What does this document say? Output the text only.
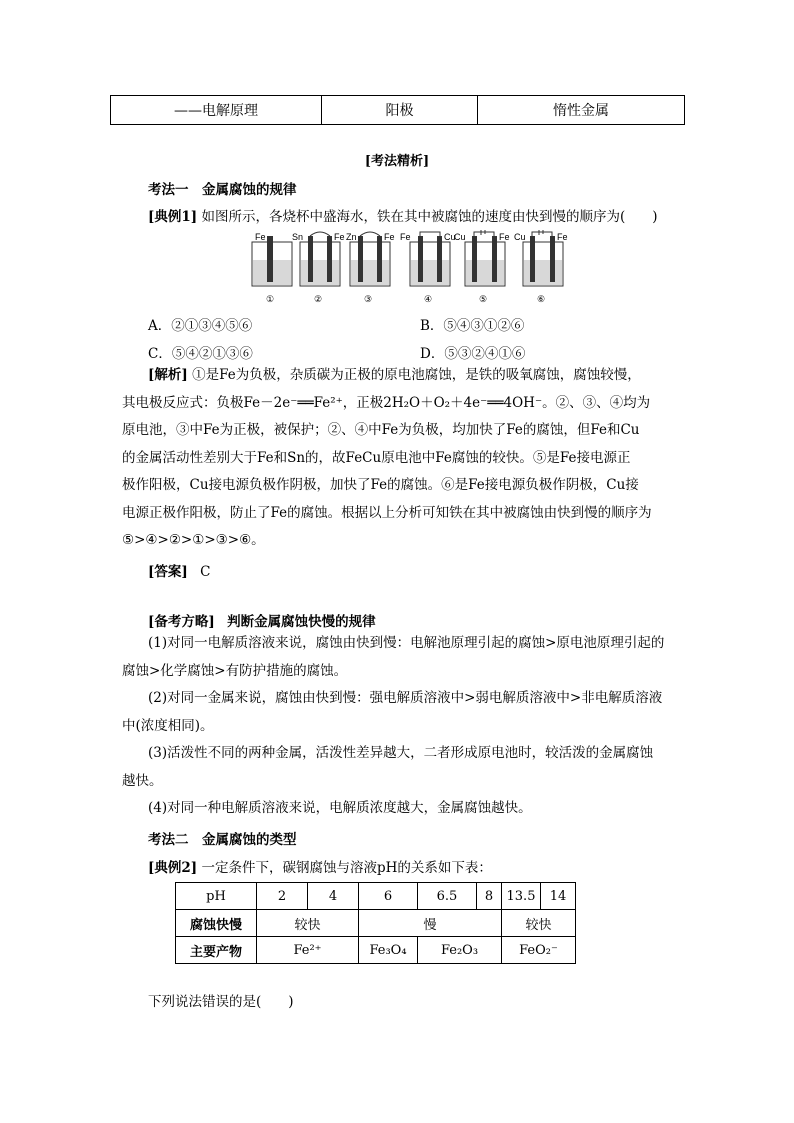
——电解原理	阳极	惰性金属
[考法精析]
考法一　金属腐蚀的规律
[典例1] 如图所示，各烧杯中盛海水，铁在其中被腐蚀的速度由快到慢的顺序为(　　)
Fe	Sn	Fe Zn	Fe Fe	Cu
Cu	Fe Cu	Fe
①	②	③	④	⑤	⑥
A．②①③④⑤⑥	B．⑤④③①②⑥
C．⑤④②①③⑥	D．⑤③②④①⑥
[解析] ①是Fe为负极，杂质碳为正极的原电池腐蚀，是铁的吸氧腐蚀，腐蚀较慢，
其电极反应式：负极Fe－2e⁻══Fe²⁺，正极2H₂O＋O₂＋4e⁻══4OH⁻。②、③、④均为
原电池，③中Fe为正极，被保护；②、④中Fe为负极，均加快了Fe的腐蚀，但Fe和Cu
的金属活动性差别大于Fe和Sn的，故FeCu原电池中Fe腐蚀的较快。⑤是Fe接电源正
极作阳极，Cu接电源负极作阴极，加快了Fe的腐蚀。⑥是Fe接电源负极作阴极，Cu接
电源正极作阳极，防止了Fe的腐蚀。根据以上分析可知铁在其中被腐蚀由快到慢的顺序为
⑤>④>②>①>③>⑥。
[答案] C
[备考方略] 判断金属腐蚀快慢的规律
(1)对同一电解质溶液来说，腐蚀由快到慢：电解池原理引起的腐蚀>原电池原理引起的
腐蚀>化学腐蚀>有防护措施的腐蚀。
(2)对同一金属来说，腐蚀由快到慢：强电解质溶液中>弱电解质溶液中>非电解质溶液
中(浓度相同)。
(3)活泼性不同的两种金属，活泼性差异越大，二者形成原电池时，较活泼的金属腐蚀
越快。
(4)对同一种电解质溶液来说，电解质浓度越大，金属腐蚀越快。
考法二　金属腐蚀的类型
[典例2] 一定条件下，碳钢腐蚀与溶液pH的关系如下表：
pH	2	4	6	6.5	8	13.5	14
腐蚀快慢	较快		慢			较快	
主要产物	Fe²⁺		Fe₃O₄	Fe₂O₃		FeO₂⁻	
下列说法错误的是(　　)
